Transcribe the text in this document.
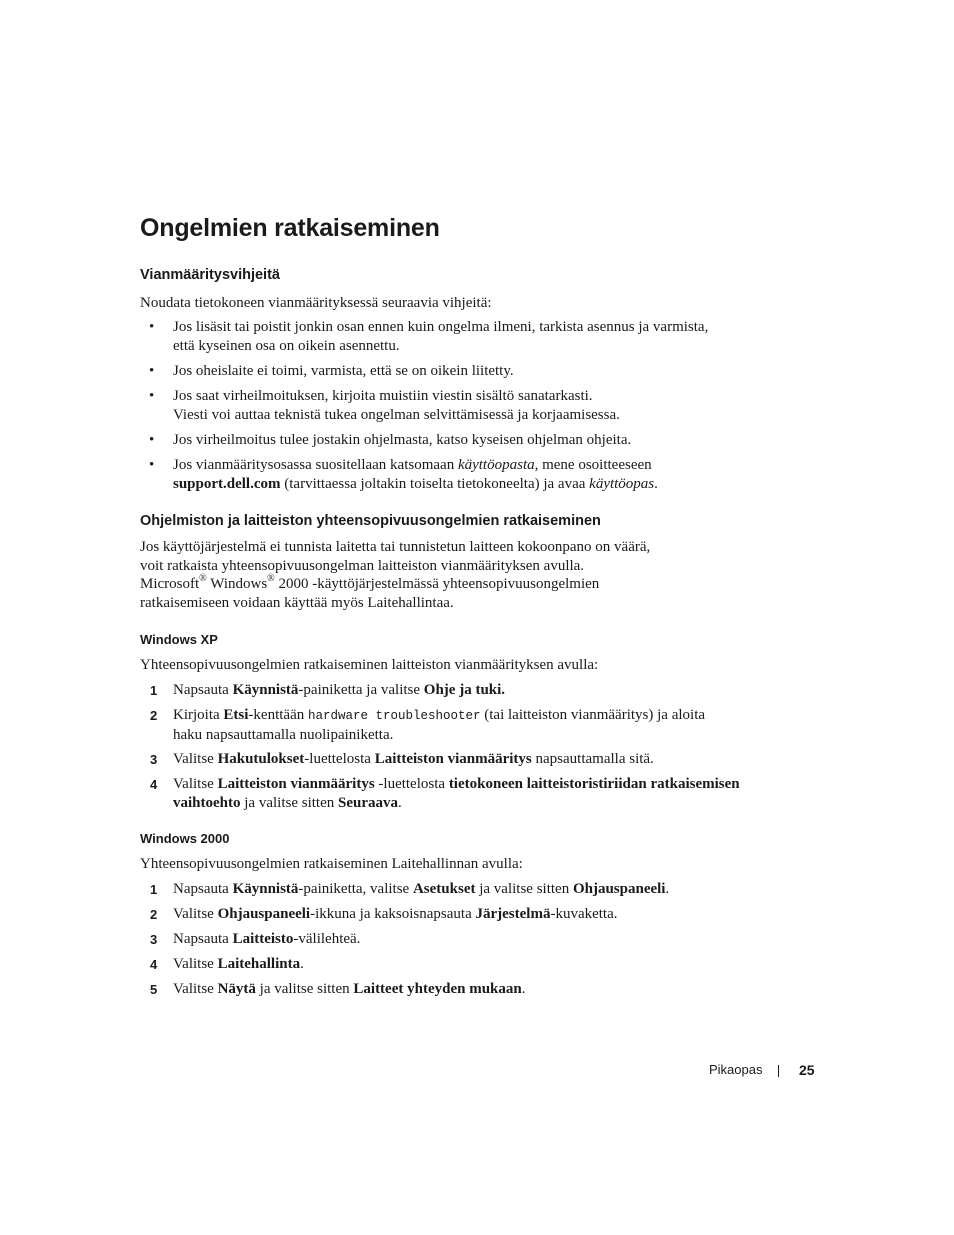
Ongelmien ratkaiseminen
Vianmääritysvihjeitä

Noudata tietokoneen vianmäärityksessä seuraavia vihjeitä:

• Jos lisäsit tai poistit jonkin osan ennen kuin ongelma ilmeni, tarkista asennus ja varmista,
että kyseinen osa on oikein asennettu.
• Jos oheislaite ei toimi, varmista, että se on oikein liitetty.
• Jos saat virheilmoituksen, kirjoita muistiin viestin sisältö sanatarkasti.
Viesti voi auttaa teknistä tukea ongelman selvittämisessä ja korjaamisessa.
• Jos virheilmoitus tulee jostakin ohjelmasta, katso kyseisen ohjelman ohjeita.
• Jos vianmääritysosassa suositellaan katsomaan käyttöopasta, mene osoitteeseen
support.dell.com (tarvittaessa joltakin toiselta tietokoneelta) ja avaa käyttöopas.
Ohjelmiston ja laitteiston yhteensopivuusongelmien ratkaiseminen

Jos käyttöjärjestelmä ei tunnista laitetta tai tunnistetun laitteen kokoonpano on väärä,
voit ratkaista yhteensopivuusongelman laitteiston vianmäärityksen avulla.
Microsoft® Windows® 2000 -käyttöjärjestelmässä yhteensopivuusongelmien
ratkaisemiseen voidaan käyttää myös Laitehallintaa.

Windows XP

Yhteensopivuusongelmien ratkaiseminen laitteiston vianmäärityksen avulla:

1 Napsauta Käynnistä-painiketta ja valitse Ohje ja tuki.
2 Kirjoita Etsi-kenttään hardware troubleshooter (tai laitteiston vianmääritys) ja aloita
haku napsauttamalla nuolipainiketta.
3 Valitse Hakutulokset-luettelosta Laitteiston vianmääritys napsauttamalla sitä.
4 Valitse Laitteiston vianmääritys -luettelosta tietokoneen laitteistoristiriidan ratkaisemisen
vaihtoehto ja valitse sitten Seuraava.
Windows 2000

Yhteensopivuusongelmien ratkaiseminen Laitehallinnan avulla:

1 Napsauta Käynnistä-painiketta, valitse Asetukset ja valitse sitten Ohjauspaneeli.
2 Valitse Ohjauspaneeli-ikkuna ja kaksoisnapsauta Järjestelmä-kuvaketta.
3 Napsauta Laitteisto-välilehteä.
4 Valitse Laitehallinta.
5 Valitse Näytä ja valitse sitten Laitteet yhteyden mukaan.
Pikaopas	25
